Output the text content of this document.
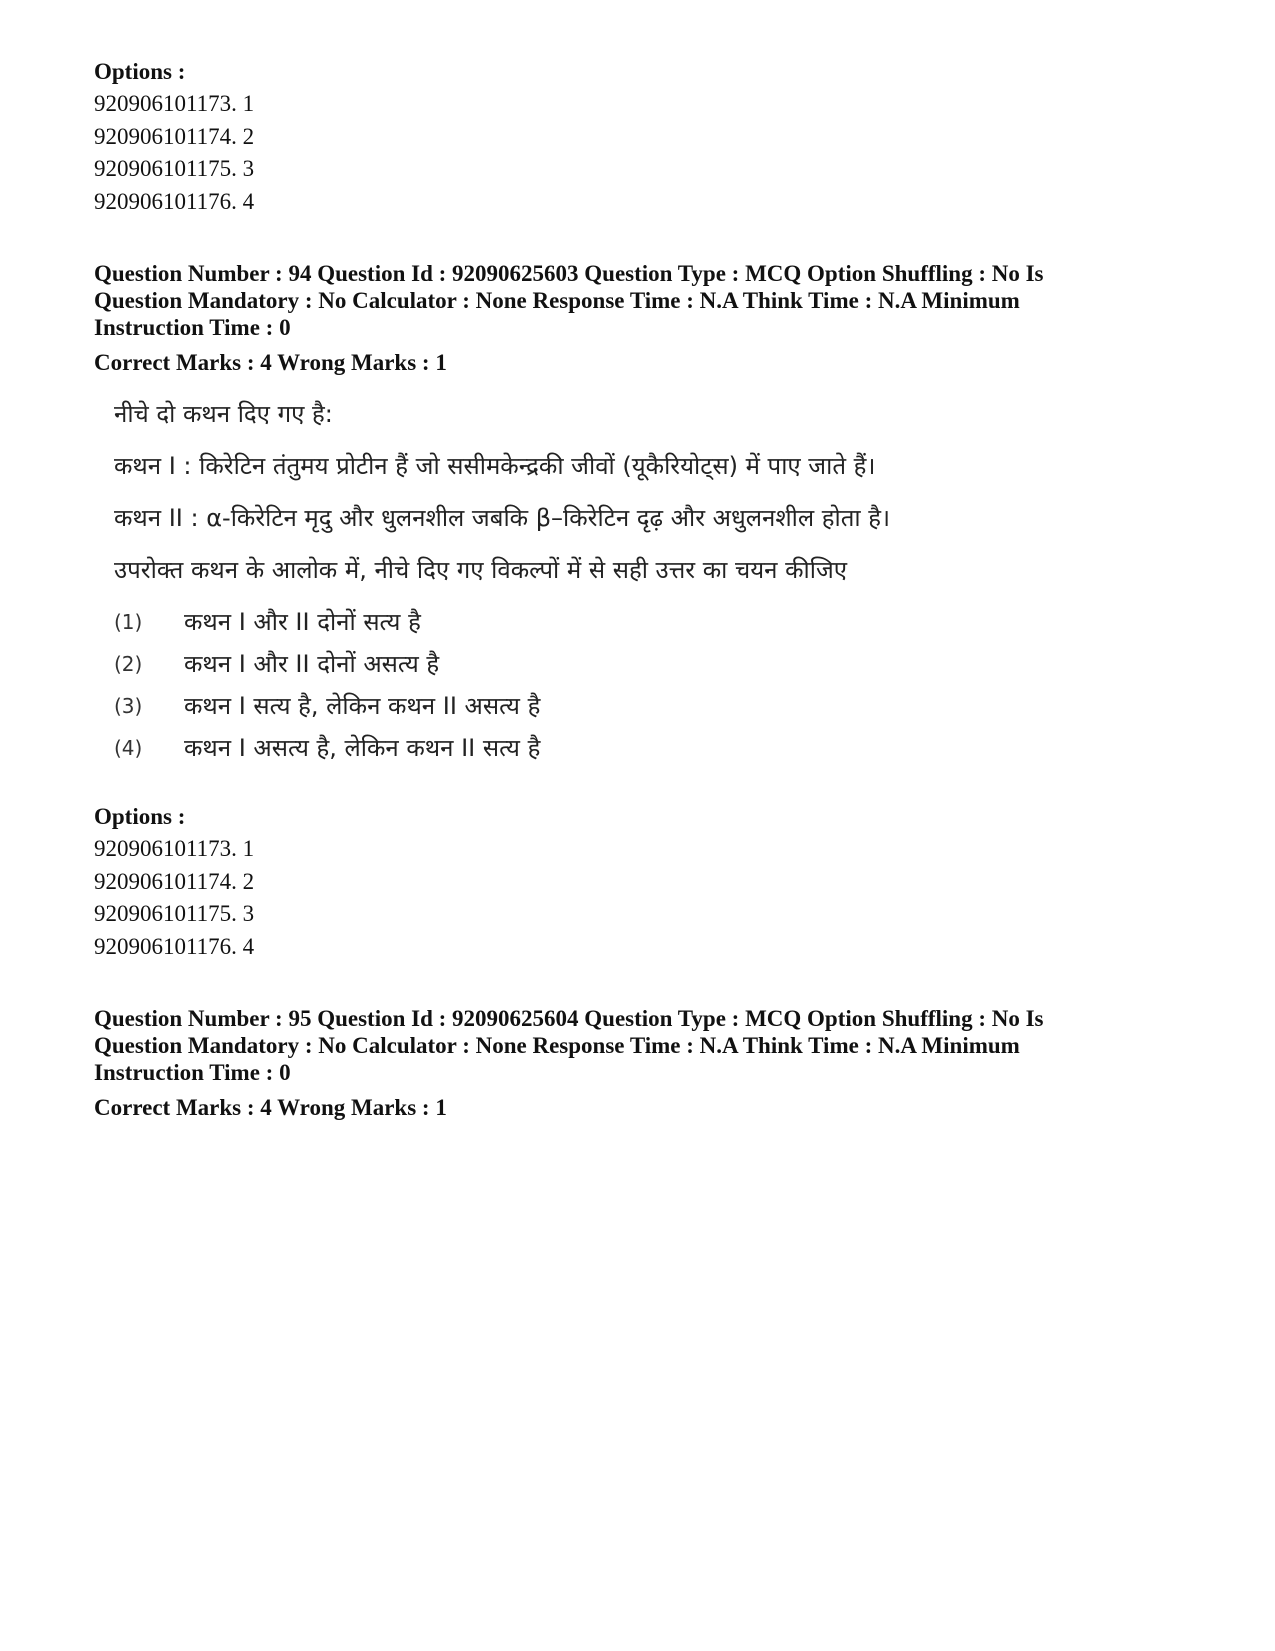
Options :
920906101173. 1
920906101174. 2
920906101175. 3
920906101176. 4
Question Number : 94 Question Id : 92090625603 Question Type : MCQ Option Shuffling : No Is
Question Mandatory : No Calculator : None Response Time : N.A Think Time : N.A Minimum
Instruction Time : 0
Correct Marks : 4 Wrong Marks : 1
नीचे दो कथन दिए गए है:
कथन I : किरेटिन तंतुमय प्रोटीन हैं जो ससीमकेन्द्रकी जीवों (यूकैरियोट्स) में पाए जाते हैं।
कथन II : α-किरेटिन मृदु और धुलनशील जबकि β–किरेटिन दृढ़ और अधुलनशील होता है।
उपरोक्त कथन के आलोक में, नीचे दिए गए विकल्पों में से सही उत्तर का चयन कीजिए
(1)	कथन I और II दोनों सत्य है
(2)	कथन I और II दोनों असत्य है
(3)	कथन I सत्य है, लेकिन कथन II असत्य है
(4)	कथन I असत्य है, लेकिन कथन II सत्य है
Options :
920906101173. 1
920906101174. 2
920906101175. 3
920906101176. 4
Question Number : 95 Question Id : 92090625604 Question Type : MCQ Option Shuffling : No Is
Question Mandatory : No Calculator : None Response Time : N.A Think Time : N.A Minimum
Instruction Time : 0
Correct Marks : 4 Wrong Marks : 1
